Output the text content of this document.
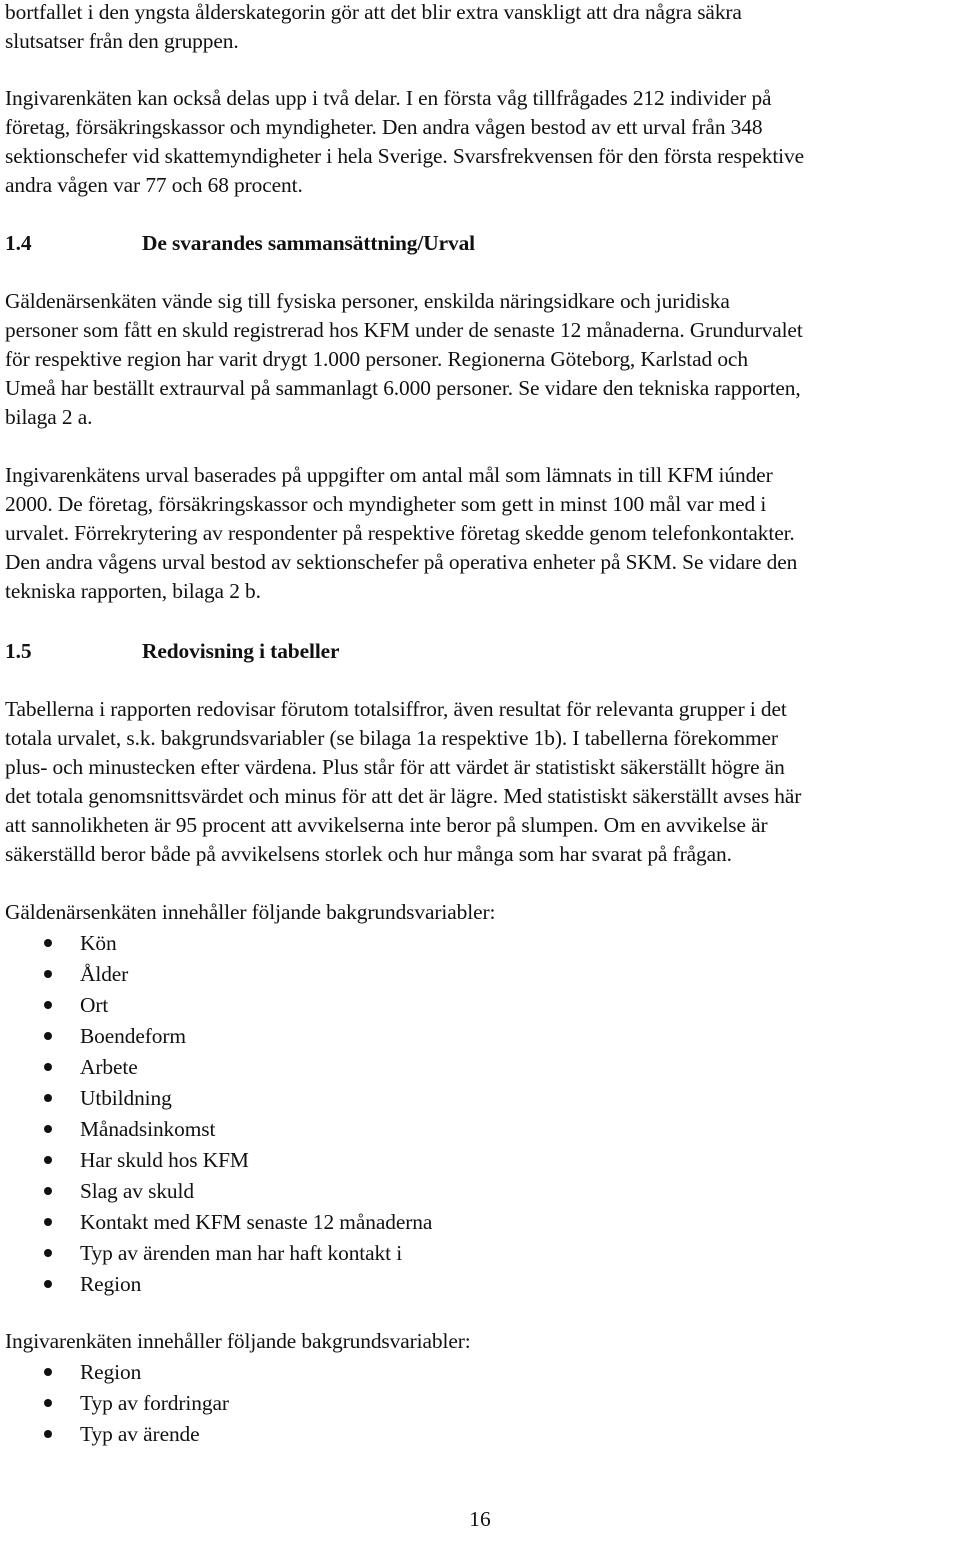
bortfallet i den yngsta ålderskategorin gör att det blir extra vanskligt att dra några säkra
slutsatser från den gruppen.

Ingivarenkäten kan också delas upp i två delar. I en första våg tillfrågades 212 individer på
företag, försäkringskassor och myndigheter. Den andra vågen bestod av ett urval från 348
sektionschefer vid skattemyndigheter i hela Sverige. Svarsfrekvensen för den första respektive
andra vågen var 77 och 68 procent.

1.4	De svarandes sammansättning/Urval

Gäldenärsenkäten vände sig till fysiska personer, enskilda näringsidkare och juridiska
personer som fått en skuld registrerad hos KFM under de senaste 12 månaderna. Grundurvalet
för respektive region har varit drygt 1.000 personer. Regionerna Göteborg, Karlstad och
Umeå har beställt extraurval på sammanlagt 6.000 personer. Se vidare den tekniska rapporten,
bilaga 2 a.

Ingivarenkätens urval baserades på uppgifter om antal mål som lämnats in till KFM iúnder
2000. De företag, försäkringskassor och myndigheter som gett in minst 100 mål var med i
urvalet. Förrekrytering av respondenter på respektive företag skedde genom telefonkontakter.
Den andra vågens urval bestod av sektionschefer på operativa enheter på SKM. Se vidare den
tekniska rapporten, bilaga 2 b.

1.5	Redovisning i tabeller

Tabellerna i rapporten redovisar förutom totalsiffror, även resultat för relevanta grupper i det
totala urvalet, s.k. bakgrundsvariabler (se bilaga 1a respektive 1b). I tabellerna förekommer
plus- och minustecken efter värdena. Plus står för att värdet är statistiskt säkerställt högre än
det totala genomsnittsvärdet och minus för att det är lägre. Med statistiskt säkerställt avses här
att sannolikheten är 95 procent att avvikelserna inte beror på slumpen. Om en avvikelse är
säkerställd beror både på avvikelsens storlek och hur många som har svarat på frågan.

Gäldenärsenkäten innehåller följande bakgrundsvariabler:

Kön
Ålder
Ort
Boendeform
Arbete
Utbildning
Månadsinkomst
Har skuld hos KFM
Slag av skuld
Kontakt med KFM senaste 12 månaderna
Typ av ärenden man har haft kontakt i
Region

Ingivarenkäten innehåller följande bakgrundsvariabler:

Region
Typ av fordringar
Typ av ärende
16
